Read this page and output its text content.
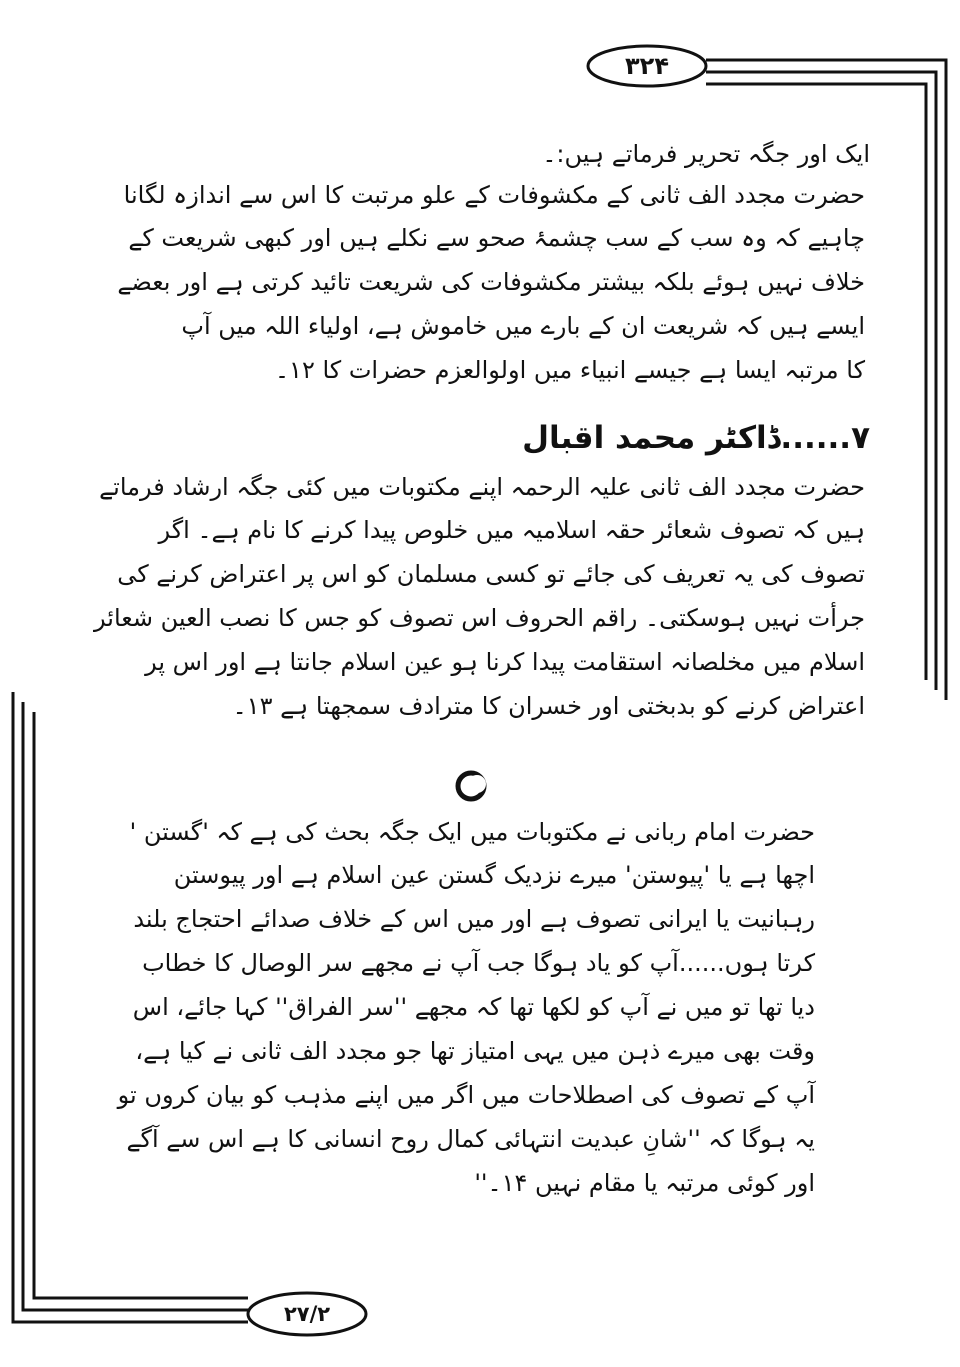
۳۲۴
۲۷/۲
ایک اور جگہ تحریر فرماتے ہیں:۔
حضرت مجدد الف ثانی کے مکشوفات کے علو مرتبت کا اس سے اندازہ لگانا
چاہیے کہ وہ سب کے سب چشمۂ صحو سے نکلے ہیں اور کبھی شریعت کے
خلاف نہیں ہوئے بلکہ بیشتر مکشوفات کی شریعت تائید کرتی ہے اور بعضے
ایسے ہیں کہ شریعت ان کے بارے میں خاموش ہے، اولیاء اللہ میں آپ
کا مرتبہ ایسا ہے جیسے انبیاء میں اولوالعزم حضرات کا ۱۲۔
۷......ڈاکٹر محمد اقبال
حضرت مجدد الف ثانی علیہ الرحمہ اپنے مکتوبات میں کئی جگہ ارشاد فرماتے
ہیں کہ تصوف شعائر حقہ اسلامیہ میں خلوص پیدا کرنے کا نام ہے۔ اگر
تصوف کی یہ تعریف کی جائے تو کسی مسلمان کو اس پر اعتراض کرنے کی
جرأت نہیں ہوسکتی۔ راقم الحروف اس تصوف کو جس کا نصب العین شعائر
اسلام میں مخلصانہ استقامت پیدا کرنا ہو عین اسلام جانتا ہے اور اس پر
اعتراض کرنے کو بدبختی اور خسران کا مترادف سمجھتا ہے ۱۳۔
حضرت امام ربانی نے مکتوبات میں ایک جگہ بحث کی ہے کہ 'گستن '
اچھا ہے یا 'پیوستن' میرے نزدیک گستن عین اسلام ہے اور پیوستن
رہبانیت یا ایرانی تصوف ہے اور میں اس کے خلاف صدائے احتجاج بلند
کرتا ہوں......آپ کو یاد ہوگا جب آپ نے مجھے سر الوصال کا خطاب
دیا تھا تو میں نے آپ کو لکھا تھا کہ مجھے ''سر الفراق'' کہا جائے، اس
وقت بھی میرے ذہن میں یہی امتیاز تھا جو مجدد الف ثانی نے کیا ہے،
آپ کے تصوف کی اصطلاحات میں اگر میں اپنے مذہب کو بیان کروں تو
یہ ہوگا کہ ''شانِ عبدیت انتہائی کمال روح انسانی کا ہے اس سے آگے
اور کوئی مرتبہ یا مقام نہیں ۱۴۔''
